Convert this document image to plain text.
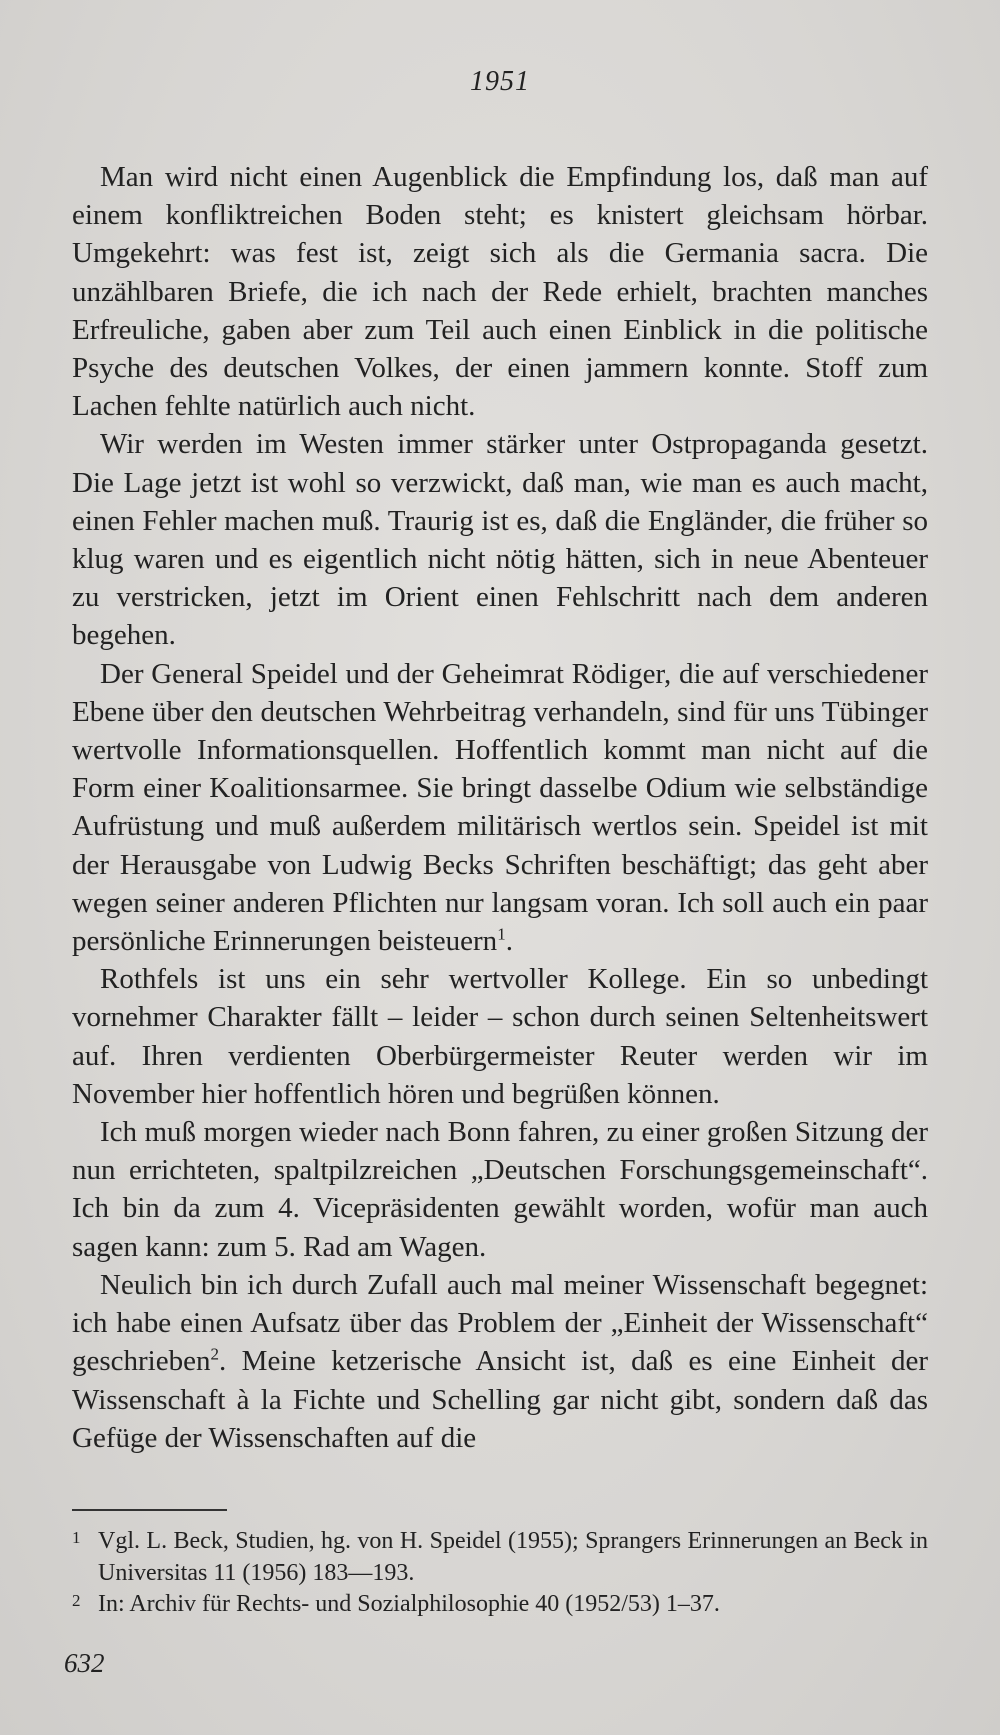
1951

Man wird nicht einen Augenblick die Empfindung los, daß man auf einem konfliktreichen Boden steht; es knistert gleichsam hörbar. Umgekehrt: was fest ist, zeigt sich als die Germania sacra. Die unzählbaren Briefe, die ich nach der Rede erhielt, brachten manches Erfreuliche, gaben aber zum Teil auch einen Einblick in die politische Psyche des deutschen Volkes, der einen jammern konnte. Stoff zum Lachen fehlte natürlich auch nicht.

Wir werden im Westen immer stärker unter Ostpropaganda gesetzt. Die Lage jetzt ist wohl so verzwickt, daß man, wie man es auch macht, einen Fehler machen muß. Traurig ist es, daß die Engländer, die früher so klug waren und es eigentlich nicht nötig hätten, sich in neue Abenteuer zu verstricken, jetzt im Orient einen Fehlschritt nach dem anderen begehen.

Der General Speidel und der Geheimrat Rödiger, die auf verschiedener Ebene über den deutschen Wehrbeitrag verhandeln, sind für uns Tübinger wertvolle Informationsquellen. Hoffentlich kommt man nicht auf die Form einer Koalitionsarmee. Sie bringt dasselbe Odium wie selbständige Aufrüstung und muß außerdem militärisch wertlos sein. Speidel ist mit der Herausgabe von Ludwig Becks Schriften beschäftigt; das geht aber wegen seiner anderen Pflichten nur langsam voran. Ich soll auch ein paar persönliche Erinnerungen beisteuern$^1$.

Rothfels ist uns ein sehr wertvoller Kollege. Ein so unbedingt vornehmer Charakter fällt – leider – schon durch seinen Seltenheitswert auf. Ihren verdienten Oberbürgermeister Reuter werden wir im November hier hoffentlich hören und begrüßen können.

Ich muß morgen wieder nach Bonn fahren, zu einer großen Sitzung der nun errichteten, spaltpilzreichen „Deutschen Forschungsgemeinschaft“. Ich bin da zum 4. Vicepräsidenten gewählt worden, wofür man auch sagen kann: zum 5. Rad am Wagen.

Neulich bin ich durch Zufall auch mal meiner Wissenschaft begegnet: ich habe einen Aufsatz über das Problem der „Einheit der Wissenschaft“ geschrieben$^2$. Meine ketzerische Ansicht ist, daß es eine Einheit der Wissenschaft à la Fichte und Schelling gar nicht gibt, sondern daß das Gefüge der Wissenschaften auf die

1 Vgl. L. Beck, Studien, hg. von H. Speidel (1955); Sprangers Erinnerungen an Beck in Universitas 11 (1956) 183—193.
2 In: Archiv für Rechts- und Sozialphilosophie 40 (1952/53) 1–37.
632
